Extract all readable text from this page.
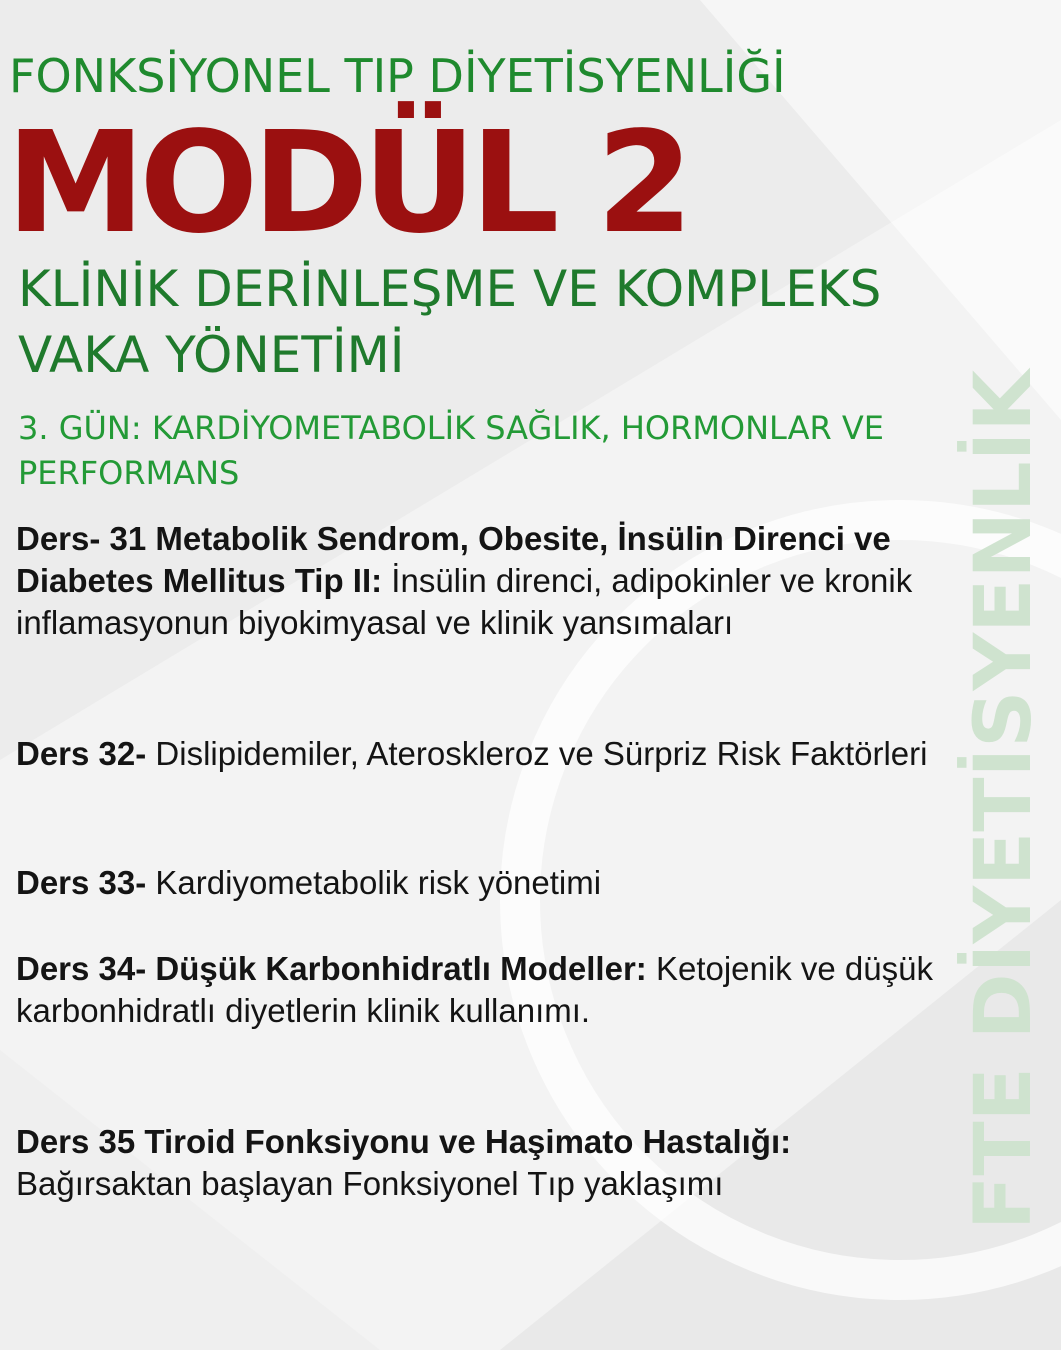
FTE DİYETİSYENLİK
FONKSİYONEL TIP DİYETİSYENLİĞİ
MODÜL 2
KLİNİK DERİNLEŞME VE KOMPLEKS VAKA YÖNETİMİ
3. GÜN: KARDİYOMETABOLİK SAĞLIK, HORMONLAR VE PERFORMANS
Ders- 31 Metabolik Sendrom, Obesite, İnsülin Direnci ve Diabetes Mellitus Tip II: İnsülin direnci, adipokinler ve kronik inflamasyonun biyokimyasal ve klinik yansımaları
Ders 32- Dislipidemiler, Ateroskleroz ve Sürpriz Risk Faktörleri
Ders 33- Kardiyometabolik risk yönetimi
Ders 34- Düşük Karbonhidratlı Modeller: Ketojenik ve düşük karbonhidratlı diyetlerin klinik kullanımı.
Ders 35 Tiroid Fonksiyonu ve Haşimato Hastalığı: Bağırsaktan başlayan Fonksiyonel Tıp yaklaşımı
